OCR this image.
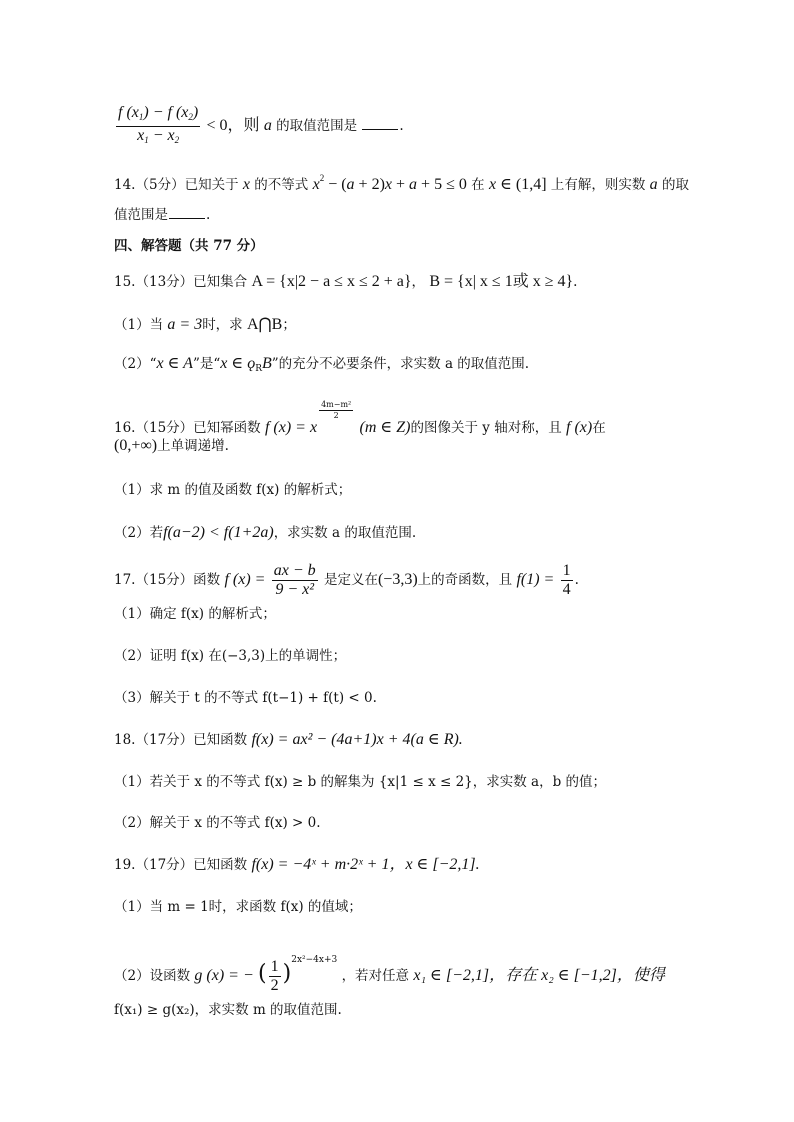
$\frac{f (x_1) - f (x_2)}{x_1 - x_2} < 0$，则 a 的取值范围是	.
14.（5分）已知关于 x 的不等式 $x^2 - (a + 2)x + a + 5 \le 0$ 在 x ∈ (1,4] 上有解，则实数 a 的取
值范围是	.
四、解答题（共 77 分）
15.（13分）已知集合 A = {x|2 − a ≤ x ≤ 2 + a}， B = {x| x ≤ 1或 x ≥ 4}.
（1）当 a = 3时，求 A⋂B；
（2）“x ∈ A”是“x ∈ $ǫ_RB$”的充分不必要条件，求实数 a 的取值范围.
16.（15分）已知幂函数 f (x) = x
$\frac{\text{4m−m²}}{2}$
(m ∈ Z)的图像关于 y 轴对称，且 f (x)在
(0,+∞)上单调递增.
（1）求 m 的值及函数 f(x) 的解析式；
（2）若f(a−2) < f(1+2a)，求实数 a 的取值范围.
17.（15分）函数 f $(x) = \frac{ax - b}{\text{9 − x²}}$ 是定义在(−3,3)上的奇函数，且 $f(1) = \frac{1}{4}$ .
（1）确定 f(x) 的解析式；
（2）证明 f(x) 在(−3,3)上的单调性；
（3）解关于 t 的不等式 f(t−1) + f(t) < 0.
18.（17分）已知函数 f(x) = ax² − (4a+1)x + 4(a ∈ R).
（1）若关于 x 的不等式 f(x) ≥ b 的解集为 {x|1 ≤ x ≤ 2}，求实数 a，b 的值；
（2）解关于 x 的不等式 f(x) > 0.
19.（17分）已知函数 f(x) = −4ˣ + m·2ˣ + 1，x ∈ [−2,1].
（1）当 m = 1时，求函数 f(x) 的值域；
（2）设函数 g (x) = − ( $\frac{1}{2} )^{2x^2-4x+3}$ ，若对任意 x₁ ∈ [−2,1]，存在 x₂ ∈ [−1,2]，使得
f(x₁) ≥ g(x₂)，求实数 m 的取值范围.
